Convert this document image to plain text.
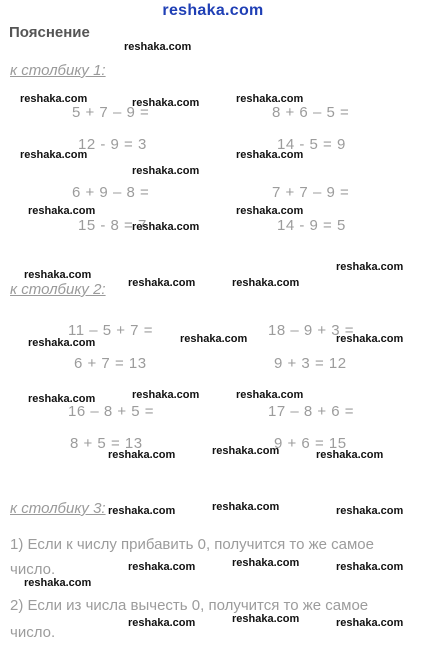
reshaka.com
Пояснение
к столбику 1:
5 + 7 – 9 =	8 + 6 – 5 =
12 - 9 = 3	14 - 5 = 9
6 + 9 – 8 =	7 + 7 – 9 =
15 - 8 = 7	14 - 9 = 5
к столбику 2:
11 – 5 + 7 =	18 – 9 + 3 =
6 + 7 = 13	9 + 3 = 12
16 – 8 + 5 =	17 – 8 + 6 =
8 + 5 = 13	9 + 6 = 15
к столбику 3:
1) Если к числу прибавить 0, получится то же самое
число.
2) Если из числа вычесть 0, получится то же самое
число.
reshaka.com
reshaka.com	reshaka.com	reshaka.com
reshaka.com	reshaka.com
reshaka.com
reshaka.com	reshaka.com
reshaka.com
reshaka.com
reshaka.com
reshaka.com	reshaka.com
reshaka.com
reshaka.com	reshaka.com
reshaka.com	reshaka.com	reshaka.com
reshaka.com
reshaka.com	reshaka.com
reshaka.com
reshaka.com	reshaka.com
reshaka.com
reshaka.com	reshaka.com
reshaka.com
reshaka.com
reshaka.com	reshaka.com
